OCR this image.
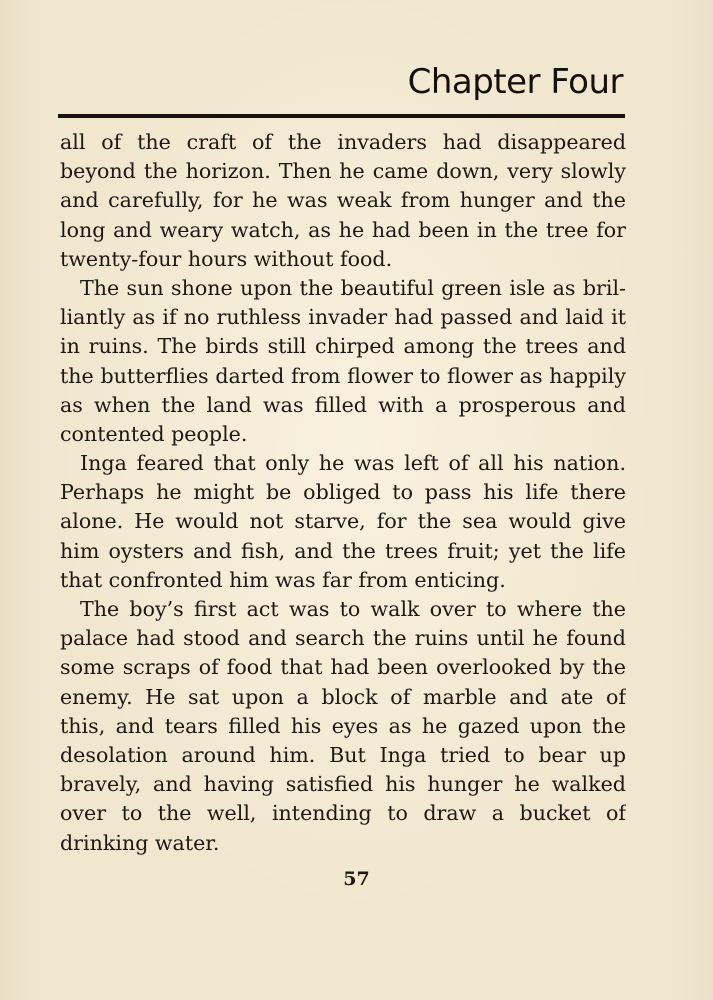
Chapter Four
all of the craft of the invaders had disappeared
beyond the horizon. Then he came down, very slowly
and carefully, for he was weak from hunger and the
long and weary watch, as he had been in the tree for
twenty-four hours without food.
The sun shone upon the beautiful green isle as bril-
liantly as if no ruthless invader had passed and laid it
in ruins. The birds still chirped among the trees and
the butterflies darted from flower to flower as happily
as when the land was filled with a prosperous and
contented people.
Inga feared that only he was left of all his nation.
Perhaps he might be obliged to pass his life there
alone. He would not starve, for the sea would give
him oysters and fish, and the trees fruit; yet the life
that confronted him was far from enticing.
The boy’s first act was to walk over to where the
palace had stood and search the ruins until he found
some scraps of food that had been overlooked by the
enemy. He sat upon a block of marble and ate of
this, and tears filled his eyes as he gazed upon the
desolation around him. But Inga tried to bear up
bravely, and having satisfied his hunger he walked
over to the well, intending to draw a bucket of
drinking water.
57
